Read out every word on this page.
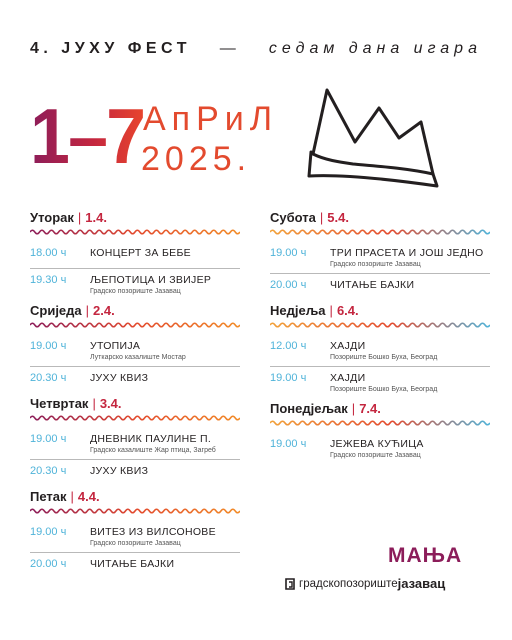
4. ЈУХУ ФЕСТ — седам дана игара
1–7
АпРиЛ
2025.
Уторак | 1.4.
18.00 ч	КОНЦЕРТ ЗА БЕБЕ
19.30 ч	ЉЕПОТИЦА И ЗВИЈЕР
Градско позориште Јазавац
Сриједа | 2.4.
19.00 ч	УТОПИЈА
Луткарско казалиште Мостар
20.30 ч	ЈУХУ КВИЗ
Четвртак | 3.4.
19.00 ч	ДНЕВНИК ПАУЛИНЕ П.
Градско казалиште Жар птица, Загреб
20.30 ч	ЈУХУ КВИЗ
Петак | 4.4.
19.00 ч	ВИТЕЗ ИЗ ВИЛСОНОВЕ
Градско позориште Јазавац
20.00 ч	ЧИТАЊЕ БАЈКИ
Субота | 5.4.
19.00 ч	ТРИ ПРАСЕТА И ЈОШ ЈЕДНО
Градско позориште Јазавац
20.00 ч	ЧИТАЊЕ БАЈКИ
Недјеља | 6.4.
12.00 ч	ХАЈДИ
Позориште Бошко Буха, Београд
19.00 ч	ХАЈДИ
Позориште Бошко Буха, Београд
Понедјељак | 7.4.
19.00 ч	ЈЕЖЕВА КУЋИЦА
Градско позориште Јазавац
МАЊА
градскопозориште јазавац
